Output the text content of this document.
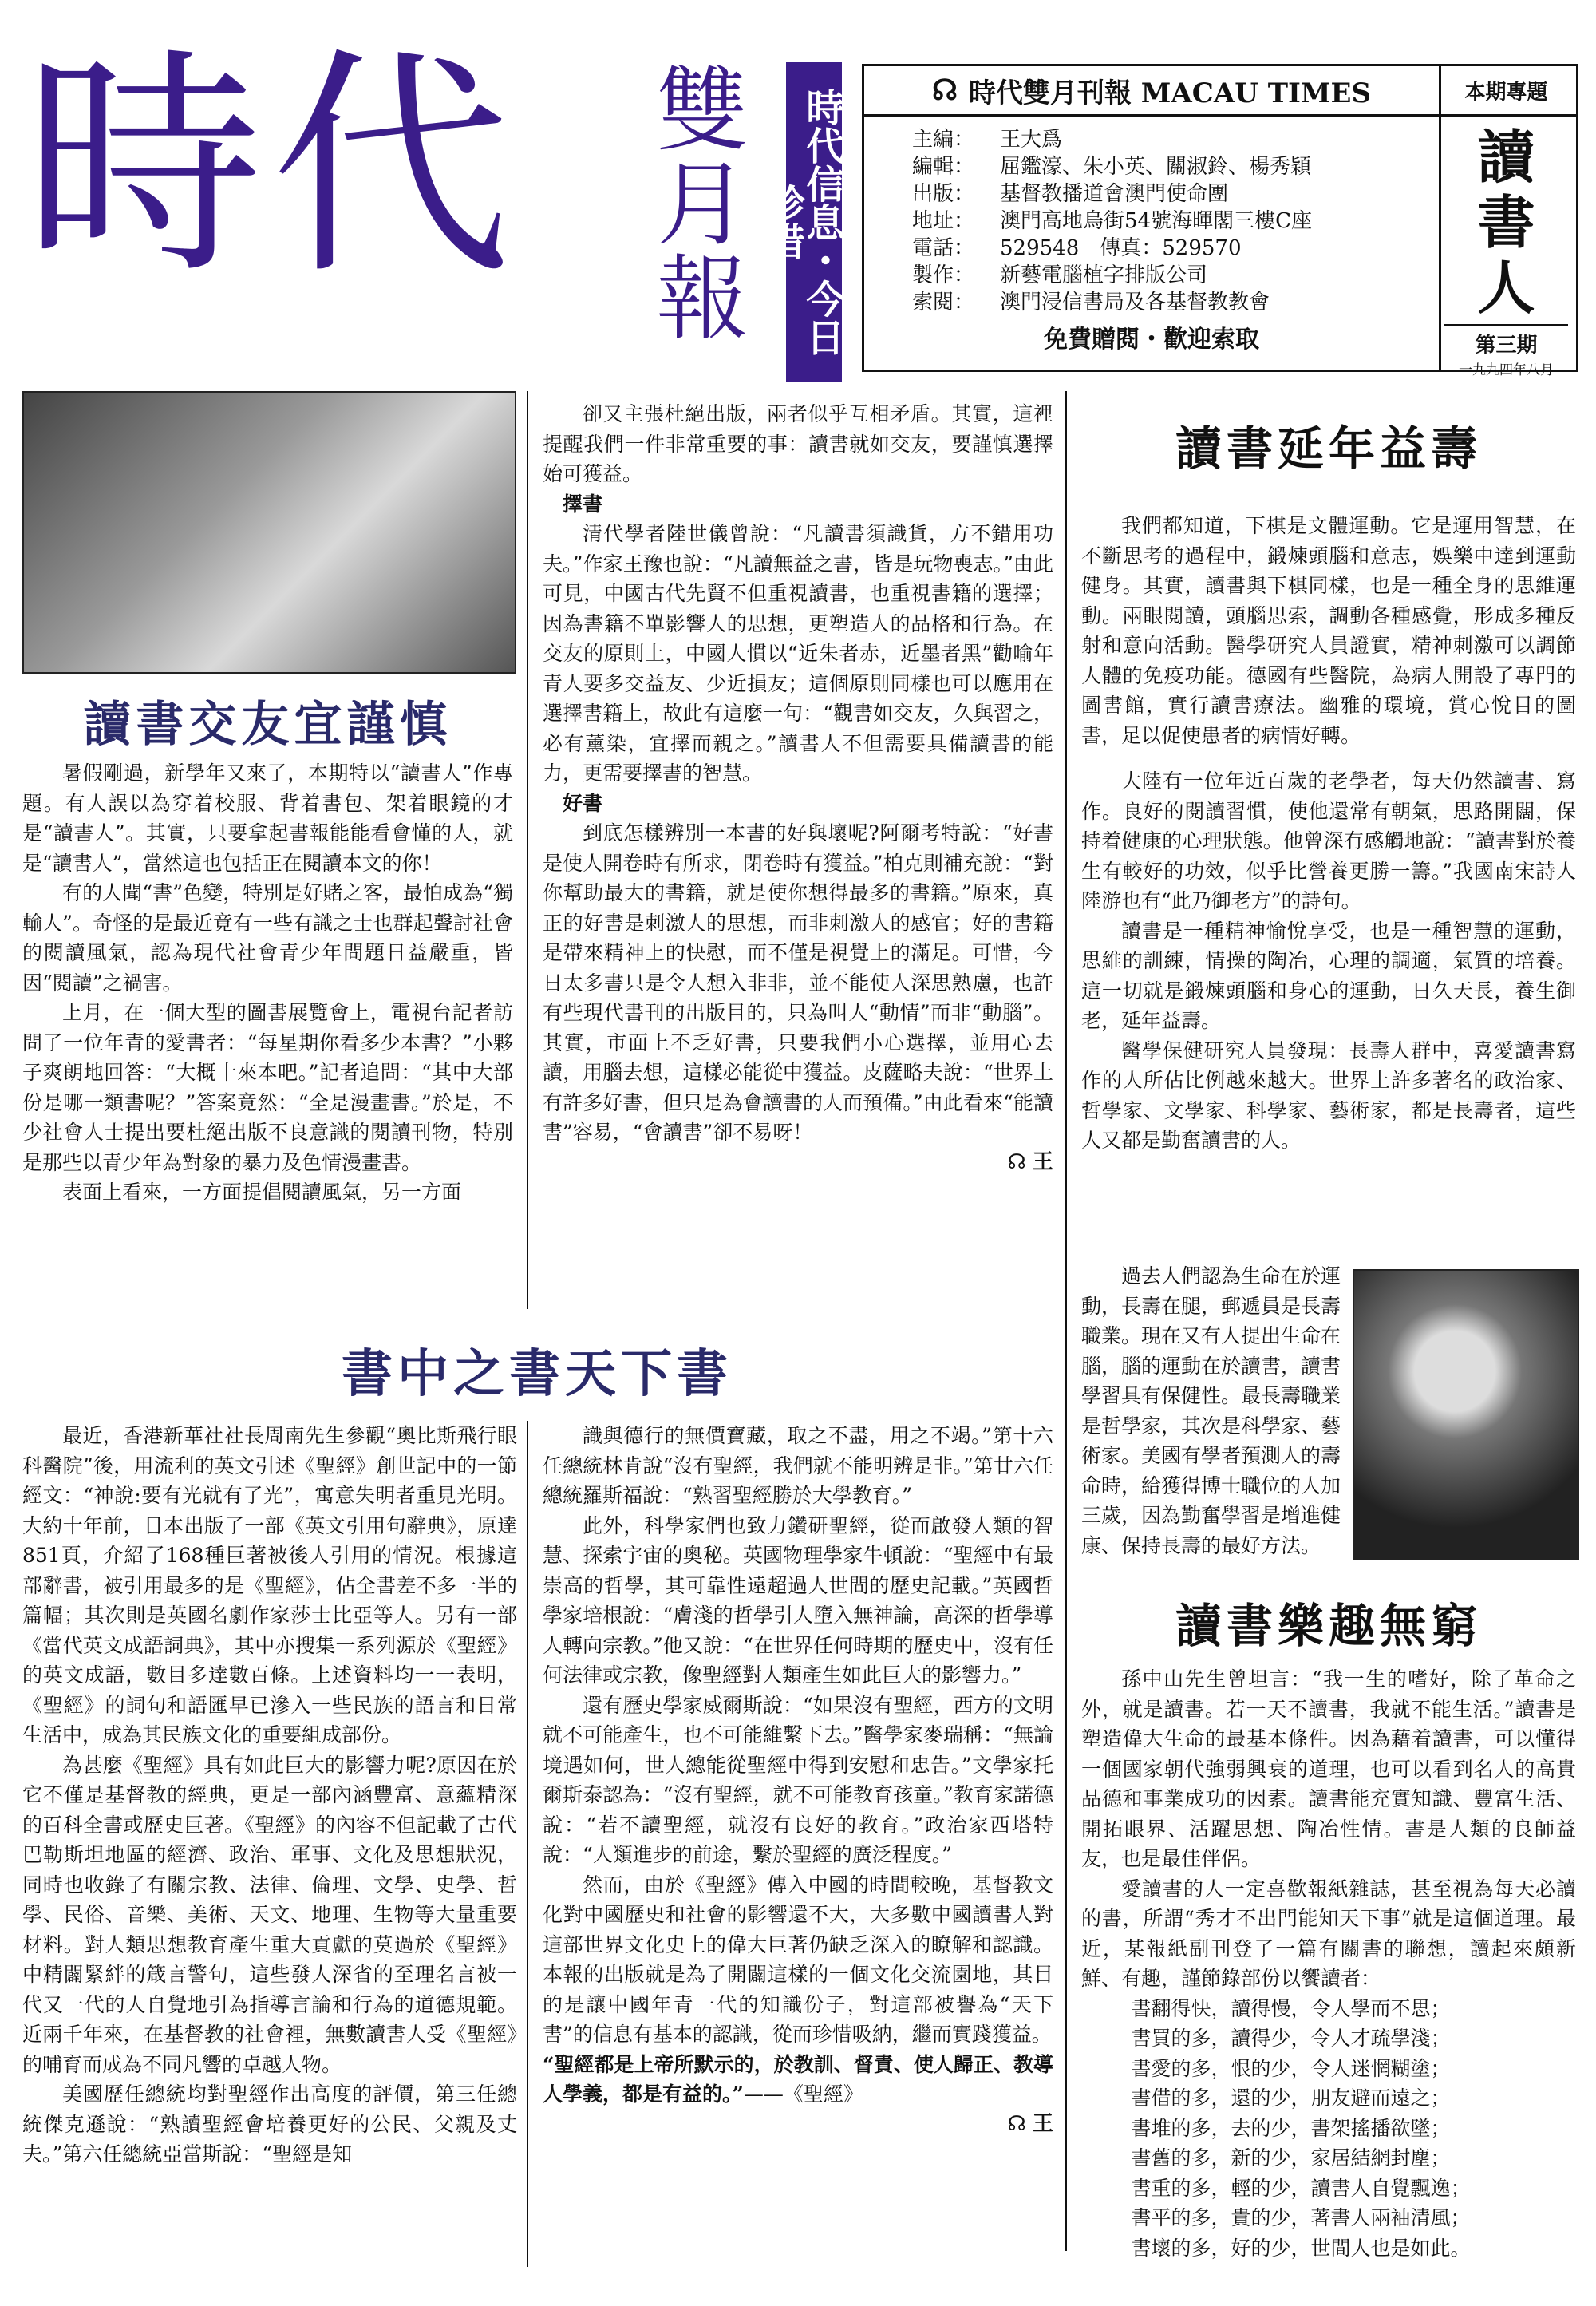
時代	雙
月
報	時代信息・今日珍惜
☊ 時代雙月刊報 MACAU TIMES
主編：	王大爲
編輯：	屈鑑濠、朱小英、關淑鈴、楊秀穎
出版：	基督教播道會澳門使命團
地址：	澳門高地烏街54號海暉閣三樓C座
電話：	529548　傳真：529570
製作：	新藝電腦植字排版公司
索閱：	澳門浸信書局及各基督教教會
免費贈閱・歡迎索取
本期專題
讀
書
人
第三期
一九九四年八月
讀書交友宜謹慎

暑假剛過，新學年又來了，本期特以“讀書人”作專題。有人誤以為穿着校服、背着書包、架着眼鏡的才是“讀書人”。其實，只要拿起書報能能看會懂的人，就是“讀書人”，當然這也包括正在閱讀本文的你！

有的人聞“書”色變，特別是好賭之客，最怕成為“獨輸人”。奇怪的是最近竟有一些有識之士也群起聲討社會的閱讀風氣，認為現代社會青少年問題日益嚴重，皆因“閱讀”之禍害。

上月，在一個大型的圖書展覽會上，電視台記者訪問了一位年青的愛書者：“每星期你看多少本書？”小夥子爽朗地回答：“大概十來本吧。”記者追問：“其中大部份是哪一類書呢？”答案竟然：“全是漫畫書。”於是，不少社會人士提出要杜絕出版不良意識的閱讀刊物，特別是那些以青少年為對象的暴力及色情漫畫書。

表面上看來，一方面提倡閱讀風氣，另一方面

卻又主張杜絕出版，兩者似乎互相矛盾。其實，這裡提醒我們一件非常重要的事：讀書就如交友，要謹慎選擇始可獲益。

擇書

清代學者陸世儀曾說：“凡讀書須識貨，方不錯用功夫。”作家王豫也說：“凡讀無益之書，皆是玩物喪志。”由此可見，中國古代先賢不但重視讀書，也重視書籍的選擇；因為書籍不單影響人的思想，更塑造人的品格和行為。在交友的原則上，中國人慣以“近朱者赤，近墨者黑”勸喻年青人要多交益友、少近損友；這個原則同樣也可以應用在選擇書籍上，故此有這麼一句：“觀書如交友，久與習之，必有薰染，宜擇而親之。”讀書人不但需要具備讀書的能力，更需要擇書的智慧。

好書

到底怎樣辨別一本書的好與壞呢?阿爾考特說：“好書是使人開卷時有所求，閉卷時有獲益。”柏克則補充說：“對你幫助最大的書籍，就是使你想得最多的書籍。”原來，真正的好書是刺激人的思想，而非刺激人的感官；好的書籍是帶來精神上的快慰，而不僅是視覺上的滿足。可惜，今日太多書只是令人想入非非，並不能使人深思熟慮，也許有些現代書刊的出版目的，只為叫人“動情”而非“動腦”。其實，市面上不乏好書，只要我們小心選擇，並用心去讀，用腦去想，這樣必能從中獲益。皮薩略夫說：“世界上有許多好書，但只是為會讀書的人而預備。”由此看來“能讀書”容易，“會讀書”卻不易呀！

☊ 王
讀書延年益壽

我們都知道，下棋是文體運動。它是運用智慧，在不斷思考的過程中，鍛煉頭腦和意志，娛樂中達到運動健身。其實，讀書與下棋同樣，也是一種全身的思維運動。兩眼閱讀，頭腦思索，調動各種感覺，形成多種反射和意向活動。醫學研究人員證實，精神刺激可以調節人體的免疫功能。德國有些醫院，為病人開設了專門的圖書館，實行讀書療法。幽雅的環境，賞心悅目的圖書，足以促使患者的病情好轉。

大陸有一位年近百歲的老學者，每天仍然讀書、寫作。良好的閱讀習慣，使他還常有朝氣，思路開闊，保持着健康的心理狀態。他曾深有感觸地說：“讀書對於養生有較好的功效，似乎比營養更勝一籌。”我國南宋詩人陸游也有“此乃御老方”的詩句。

讀書是一種精神愉悅享受，也是一種智慧的運動，思維的訓練，情操的陶冶，心理的調適，氣質的培養。這一切就是鍛煉頭腦和身心的運動，日久天長，養生御老，延年益壽。

醫學保健研究人員發現：長壽人群中，喜愛讀書寫作的人所佔比例越來越大。世界上許多著名的政治家、哲學家、文學家、科學家、藝術家，都是長壽者，這些人又都是勤奮讀書的人。

過去人們認為生命在於運動，長壽在腿，郵遞員是長壽職業。現在又有人提出生命在腦，腦的運動在於讀書，讀書學習具有保健性。最長壽職業是哲學家，其次是科學家、藝術家。美國有學者預測人的壽命時，給獲得博士職位的人加三歲，因為勤奮學習是增進健康、保持長壽的最好方法。

書中之書天下書

最近，香港新華社社長周南先生參觀“奧比斯飛行眼科醫院”後，用流利的英文引述《聖經》創世記中的一節經文：“神說:要有光就有了光”，寓意失明者重見光明。大約十年前，日本出版了一部《英文引用句辭典》，原達851頁，介紹了168種巨著被後人引用的情況。根據這部辭書，被引用最多的是《聖經》，佔全書差不多一半的篇幅；其次則是英國名劇作家莎士比亞等人。另有一部《當代英文成語詞典》，其中亦搜集一系列源於《聖經》的英文成語，數目多達數百條。上述資料均一一表明，《聖經》的詞句和語匯早已滲入一些民族的語言和日常生活中，成為其民族文化的重要組成部份。

為甚麼《聖經》具有如此巨大的影響力呢?原因在於它不僅是基督教的經典，更是一部內涵豐富、意蘊精深的百科全書或歷史巨著。《聖經》的內容不但記載了古代巴勒斯坦地區的經濟、政治、軍事、文化及思想狀況，同時也收錄了有關宗教、法律、倫理、文學、史學、哲學、民俗、音樂、美術、天文、地理、生物等大量重要材料。對人類思想教育產生重大貢獻的莫過於《聖經》中精闢緊絆的箴言警句，這些發人深省的至理名言被一代又一代的人自覺地引為指導言論和行為的道德規範。近兩千年來，在基督教的社會裡，無數讀書人受《聖經》的哺育而成為不同凡響的卓越人物。

美國歷任總統均對聖經作出高度的評價，第三任總統傑克遜說：“熟讀聖經會培養更好的公民、父親及丈夫。”第六任總統亞當斯說：“聖經是知

識與德行的無價寶藏，取之不盡，用之不竭。”第十六任總統林肯說“沒有聖經，我們就不能明辨是非。”第廿六任總統羅斯福說：“熟習聖經勝於大學教育。”

此外，科學家們也致力鑽研聖經，從而啟發人類的智慧、探索宇宙的奧秘。英國物理學家牛頓說：“聖經中有最崇高的哲學，其可靠性遠超過人世間的歷史記載。”英國哲學家培根說：“膚淺的哲學引人墮入無神論，高深的哲學導人轉向宗教。”他又說：“在世界任何時期的歷史中，沒有任何法律或宗教，像聖經對人類產生如此巨大的影響力。”

還有歷史學家威爾斯說：“如果沒有聖經，西方的文明就不可能產生，也不可能維繫下去。”醫學家麥瑞稱：“無論境遇如何，世人總能從聖經中得到安慰和忠告。”文學家托爾斯泰認為：“沒有聖經，就不可能教育孩童。”教育家諾德說：“若不讀聖經，就沒有良好的教育。”政治家西塔特說：“人類進步的前途，繫於聖經的廣泛程度。”

然而，由於《聖經》傳入中國的時間較晚，基督教文化對中國歷史和社會的影響還不大，大多數中國讀書人對這部世界文化史上的偉大巨著仍缺乏深入的瞭解和認識。本報的出版就是為了開闢這樣的一個文化交流園地，其目的是讓中國年青一代的知識份子，對這部被譽為“天下書”的信息有基本的認識，從而珍惜吸納，繼而實踐獲益。

“聖經都是上帝所默示的，於教訓、督責、使人歸正、教導人學義，都是有益的。”——《聖經》

☊ 王
讀書樂趣無窮

孫中山先生曾坦言：“我一生的嗜好，除了革命之外，就是讀書。若一天不讀書，我就不能生活。”讀書是塑造偉大生命的最基本條件。因為藉着讀書，可以懂得一個國家朝代強弱興衰的道理，也可以看到名人的高貴品德和事業成功的因素。讀書能充實知識、豐富生活、開拓眼界、活躍思想、陶冶性情。書是人類的良師益友，也是最佳伴侶。

愛讀書的人一定喜歡報紙雜誌，甚至視為每天必讀的書，所謂“秀才不出門能知天下事”就是這個道理。最近，某報紙副刊登了一篇有關書的聯想，讀起來頗新鮮、有趣，謹節錄部份以饗讀者：

書翻得快，讀得慢，令人學而不思；
書買的多，讀得少，令人才疏學淺；
書愛的多，恨的少，令人迷惘糊塗；
書借的多，還的少，朋友避而遠之；
書堆的多，去的少，書架搖播欲墜；
書舊的多，新的少，家居結網封塵；
書重的多，輕的少，讀書人自覺飄逸；
書平的多，貴的少，著書人兩袖清風；
書壞的多，好的少，世間人也是如此。
